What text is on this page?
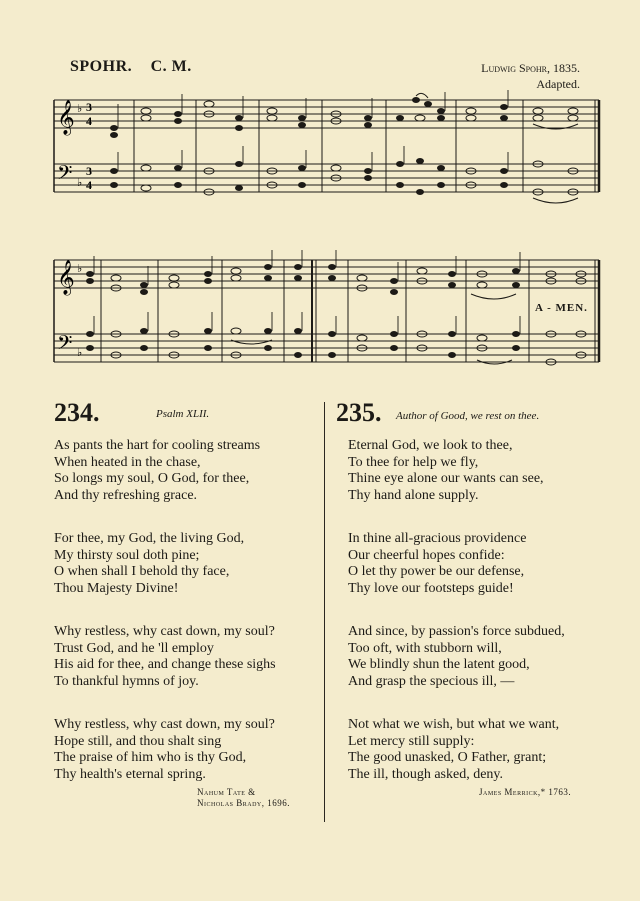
SPOHR. C. M.	Ludwig Spohr, 1835.
Adapted.
𝄞
𝄢
♭
♭
3
4
3
4
𝄞
𝄢
♭
♭
A - MEN.
234.	Psalm XLII.
As pants the hart for cooling streams
When heated in the chase,
So longs my soul, O God, for thee,
And thy refreshing grace.
For thee, my God, the living God,
My thirsty soul doth pine;
O when shall I behold thy face,
Thou Majesty Divine!
Why restless, why cast down, my soul?
Trust God, and he 'll employ
His aid for thee, and change these sighs
To thankful hymns of joy.
Why restless, why cast down, my soul?
Hope still, and thou shalt sing
The praise of him who is thy God,
Thy health's eternal spring.
Nahum Tate &
Nicholas Brady, 1696.
235. Author of Good, we rest on thee.
Eternal God, we look to thee,
To thee for help we fly,
Thine eye alone our wants can see,
Thy hand alone supply.
In thine all-gracious providence
Our cheerful hopes confide:
O let thy power be our defense,
Thy love our footsteps guide!
And since, by passion's force subdued,
Too oft, with stubborn will,
We blindly shun the latent good,
And grasp the specious ill, —
Not what we wish, but what we want,
Let mercy still supply:
The good unasked, O Father, grant;
The ill, though asked, deny.
James Merrick,* 1763.
